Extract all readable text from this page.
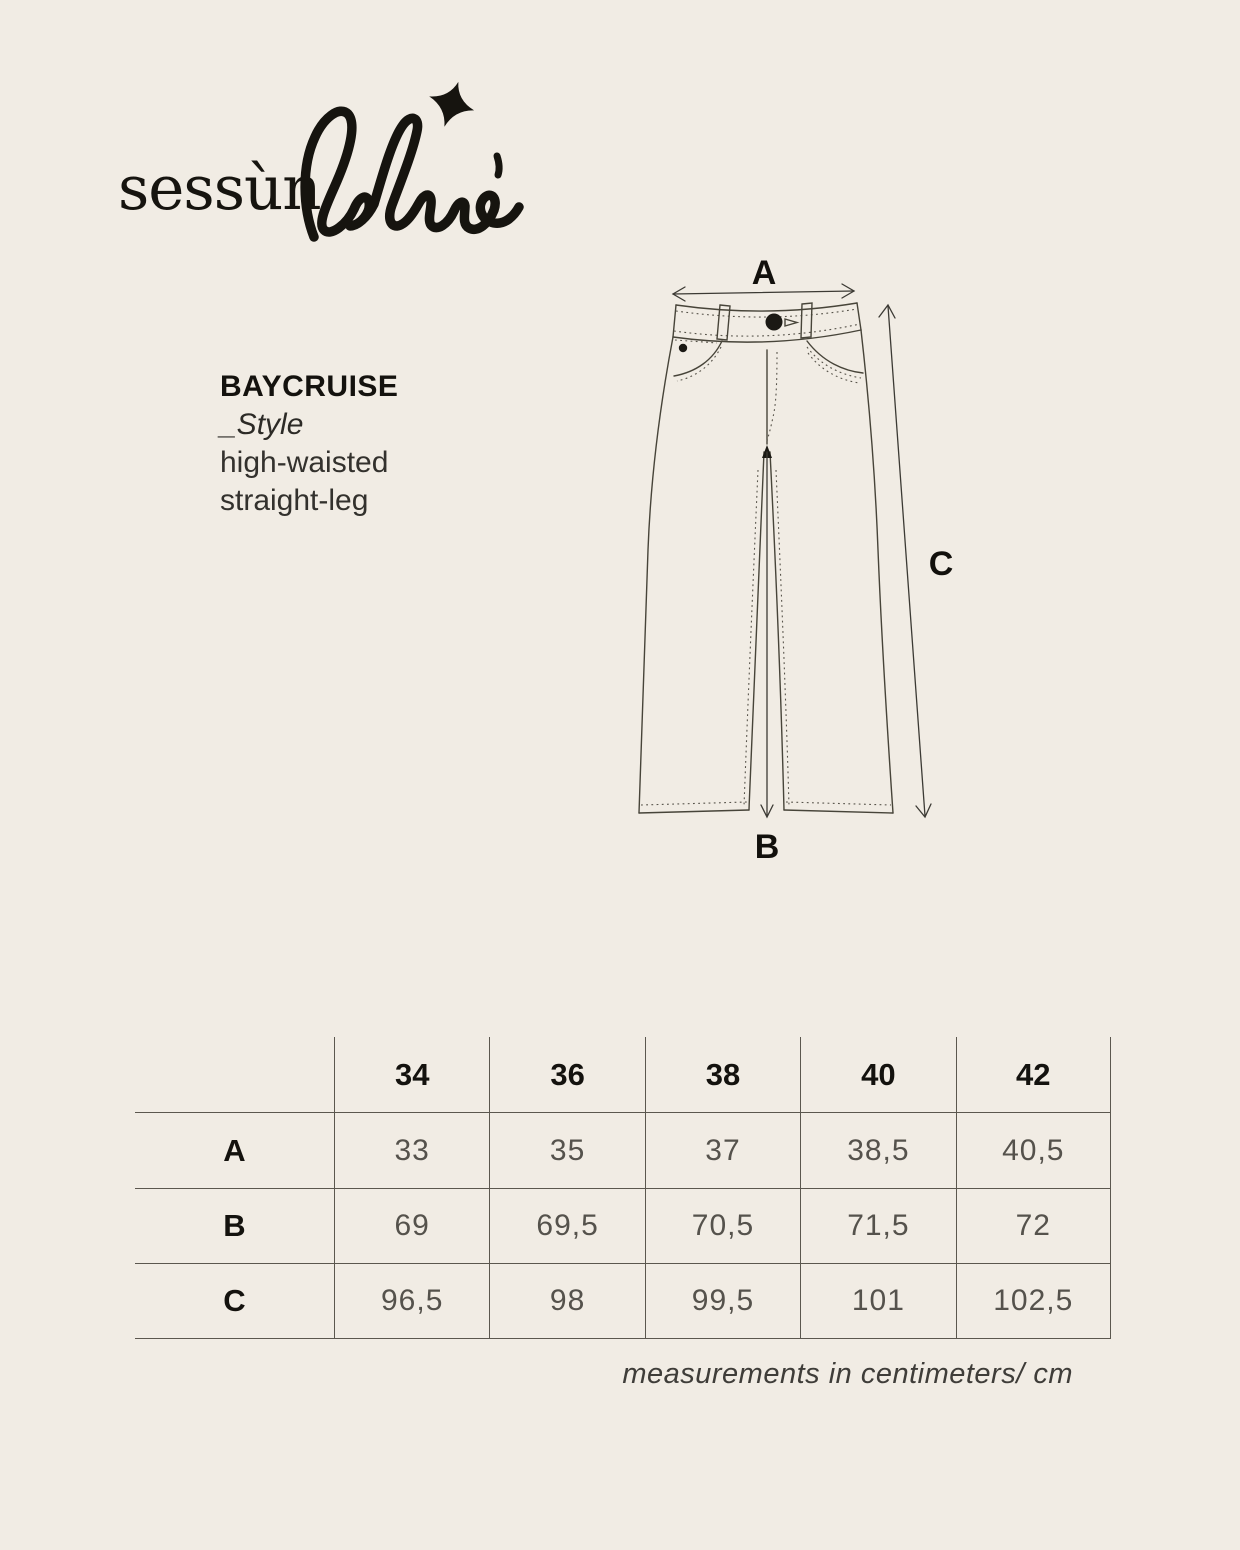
sessùn
BAYCRUISE
_Style
high-waisted
straight-leg
A
B
C
34	36	38	40	42
A	33	35	37	38,5	40,5
B	69	69,5	70,5	71,5	72
C	96,5	98	99,5	101	102,5
measurements in centimeters/ cm
